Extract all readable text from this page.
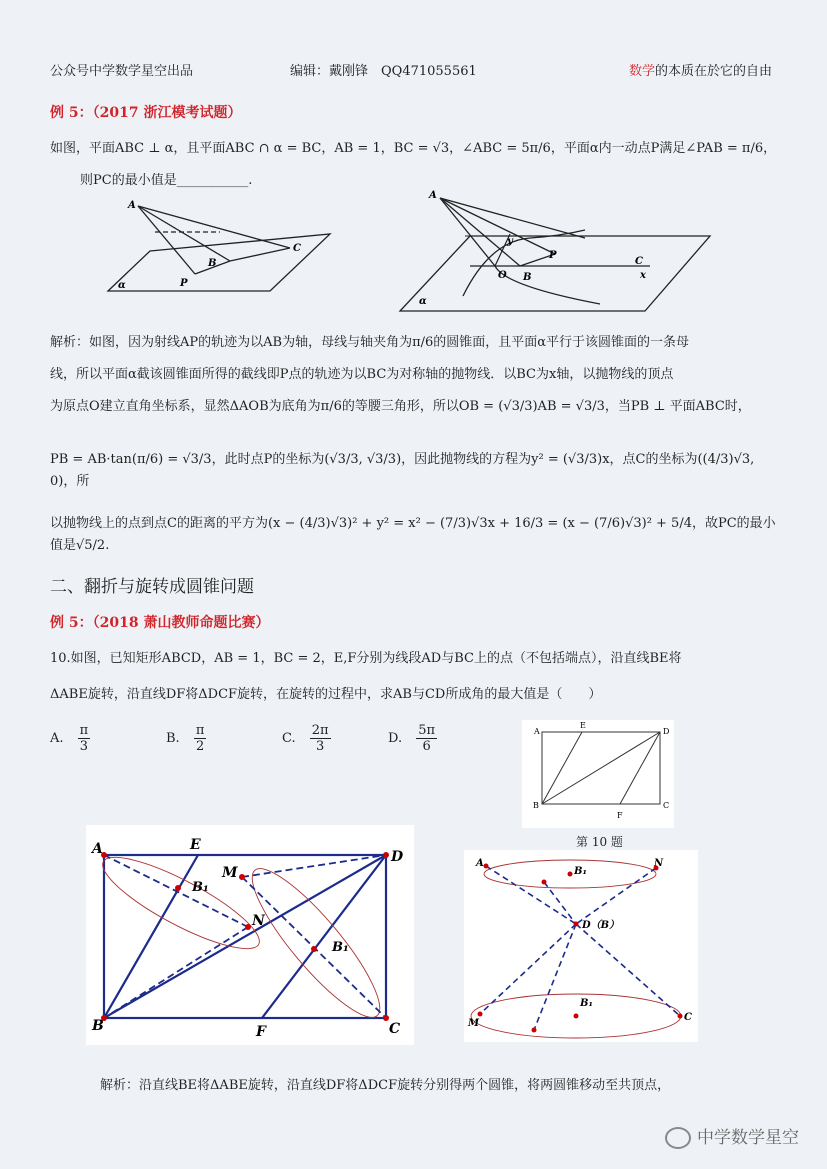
公众号中学数学星空出品	编辑：戴刚锋　QQ471055561	数学的本质在於它的自由
例 5：（2017 浙江模考试题）
如图，平面ABC ⊥ α，且平面ABC ∩ α = BC，AB = 1，BC = √3，∠ABC = 5π/6，平面α内一动点P满足∠PAB = π/6，
则PC的最小值是___________.
A
B
C
P
α
A
y
P
O B
C
x
α
解析：如图，因为射线AP的轨迹为以AB为轴，母线与轴夹角为π/6的圆锥面，且平面α平行于该圆锥面的一条母
线，所以平面α截该圆锥面所得的截线即P点的轨迹为以BC为对称轴的抛物线．以BC为x轴，以抛物线的顶点
为原点O建立直角坐标系，显然ΔAOB为底角为π/6的等腰三角形，所以OB = (√3/3)AB = √3/3，当PB ⊥ 平面ABC时，
PB = AB·tan(π/6) = √3/3，此时点P的坐标为(√3/3, √3/3)，因此抛物线的方程为y² = (√3/3)x，点C的坐标为((4/3)√3, 0)，所
以抛物线上的点到点C的距离的平方为(x − (4/3)√3)² + y² = x² − (7/3)√3x + 16/3 = (x − (7/6)√3)² + 5/4，故PC的最小值是√5/2.
二、翻折与旋转成圆锥问题
例 5：（2018 萧山教师命题比赛）
10.如图，已知矩形ABCD，AB = 1，BC = 2，E,F分别为线段AD与BC上的点（不包括端点），沿直线BE将
ΔABE旋转，沿直线DF将ΔDCF旋转，在旋转的过程中，求AB与CD所成角的最大值是（　　）
A. $\frac{\pi}{3}$	B. $\frac{\pi}{2}$	C. $\frac{2\pi}{3}$	D. $\frac{5\pi}{6}$	A
E
D
B
F
C
第 10 题
A	E
D
M
B₁
N
B₁
B	F	C
A
B₁
N
D（B）
B₁
M
C
解析：沿直线BE将ΔABE旋转，沿直线DF将ΔDCF旋转分别得两个圆锥，将两圆锥移动至共顶点，
中学数学星空
